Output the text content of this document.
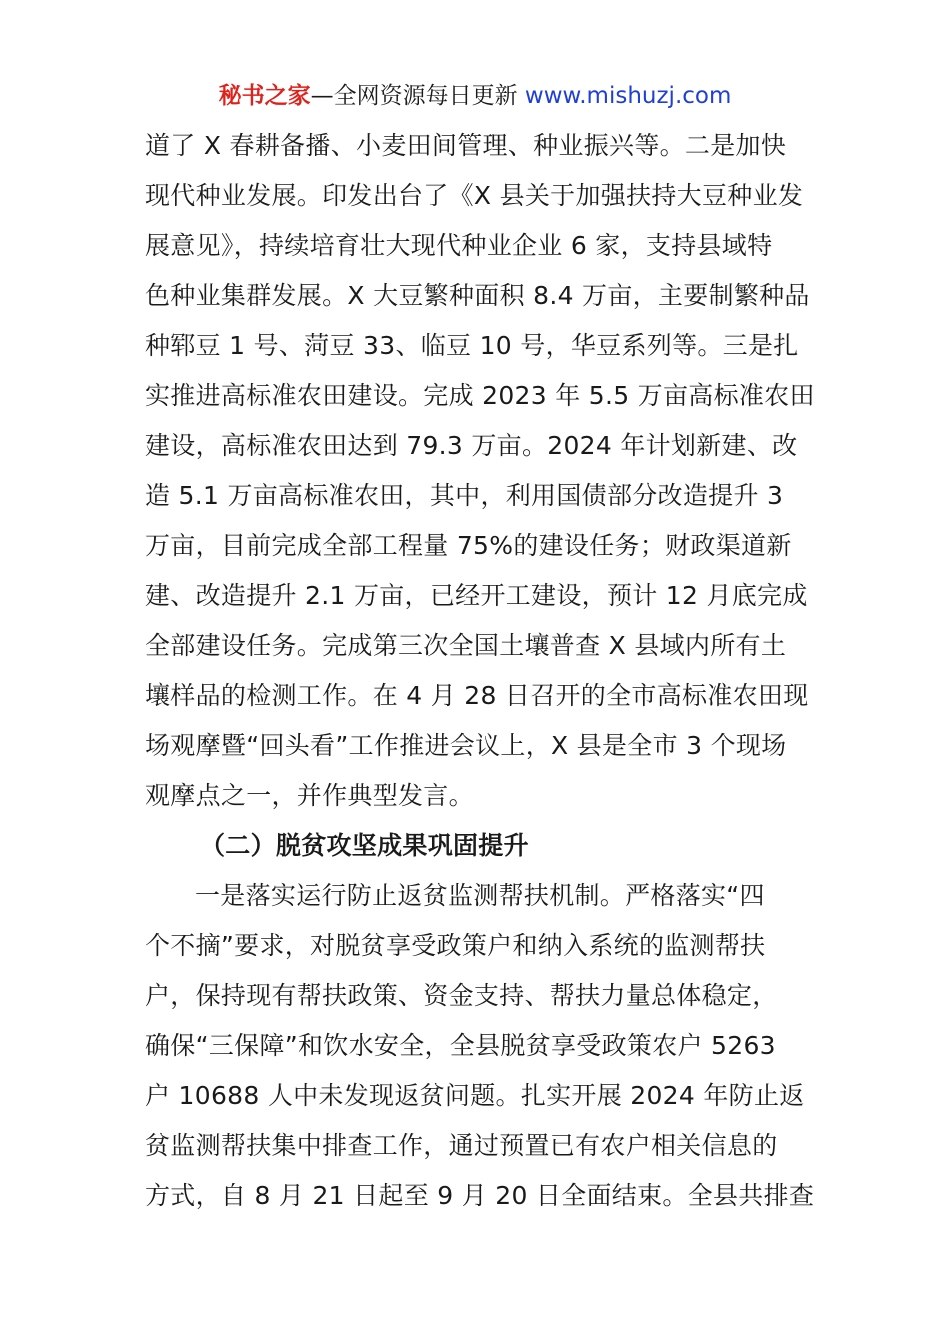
秘书之家—全网资源每日更新 www.mishuzj.com
道了 X 春耕备播、小麦田间管理、种业振兴等。二是加快
现代种业发展。印发出台了《X 县关于加强扶持大豆种业发
展意见》，持续培育壮大现代种业企业 6 家，支持县域特
色种业集群发展。X 大豆繁种面积 8.4 万亩，主要制繁种品
种郓豆 1 号、菏豆 33、临豆 10 号，华豆系列等。三是扎
实推进高标准农田建设。完成 2023 年 5.5 万亩高标准农田
建设，高标准农田达到 79.3 万亩。2024 年计划新建、改
造 5.1 万亩高标准农田，其中，利用国债部分改造提升 3
万亩，目前完成全部工程量 75%的建设任务；财政渠道新
建、改造提升 2.1 万亩，已经开工建设，预计 12 月底完成
全部建设任务。完成第三次全国土壤普查 X 县域内所有土
壤样品的检测工作。在 4 月 28 日召开的全市高标准农田现
场观摩暨“回头看”工作推进会议上，X 县是全市 3 个现场
观摩点之一，并作典型发言。
（二）脱贫攻坚成果巩固提升
一是落实运行防止返贫监测帮扶机制。严格落实“四
个不摘”要求，对脱贫享受政策户和纳入系统的监测帮扶
户，保持现有帮扶政策、资金支持、帮扶力量总体稳定，
确保“三保障”和饮水安全，全县脱贫享受政策农户 5263
户 10688 人中未发现返贫问题。扎实开展 2024 年防止返
贫监测帮扶集中排查工作，通过预置已有农户相关信息的
方式，自 8 月 21 日起至 9 月 20 日全面结束。全县共排查
